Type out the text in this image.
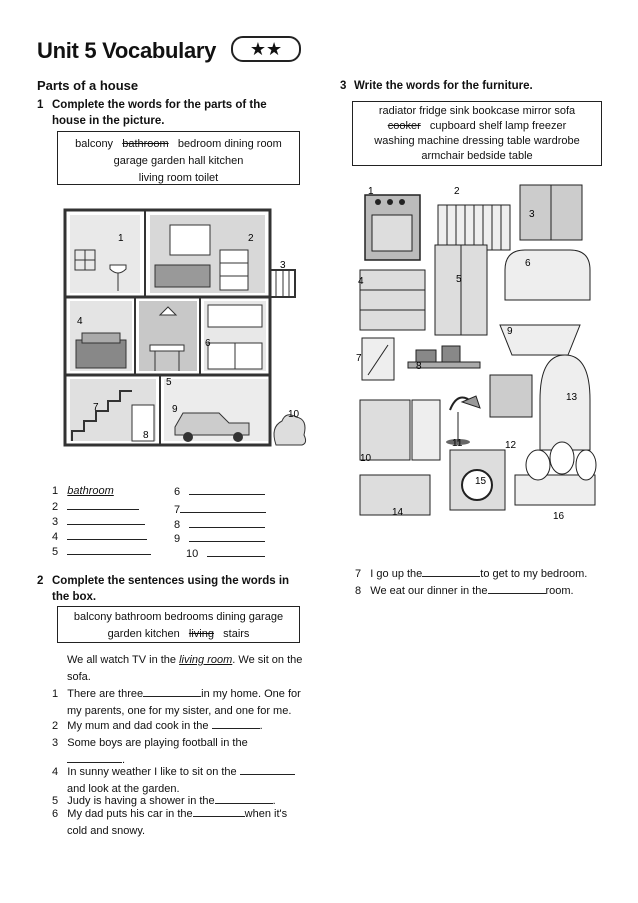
Unit 5 Vocabulary	★★
Parts of a house
1 Complete the words for the parts of the house in the picture.
balcony bathroom bedroom dining room
garage garden hall kitchen
living room toilet
1	2
3
4
5
6
7
8
9	10
1 bathroom
2
3
4
5
6
7
8
9
10
2 Complete the sentences using the words in the box.
balcony bathroom bedrooms dining garage
garden kitchen living stairs
We all watch TV in the living room. We sit on the
sofa.
1 There are three	in my home. One for
my parents, one for my sister, and one for me.
2 My mum and dad cook in the	.
3 Some boys are playing football in the
.
4 In sunny weather I like to sit on the
and look at the garden.
5 Judy is having a shower in the	.
6 My dad puts his car in the	when it's
cold and snowy.
3 Write the words for the furniture.
radiator fridge sink bookcase mirror sofa
cooker cupboard shelf lamp freezer
washing machine dressing table wardrobe
armchair bedside table
1	2
3
4	5
6
7
8
9
10
11	12
13
14
15
16
7 I go up the	to get to my bedroom.
8 We eat our dinner in the	room.
